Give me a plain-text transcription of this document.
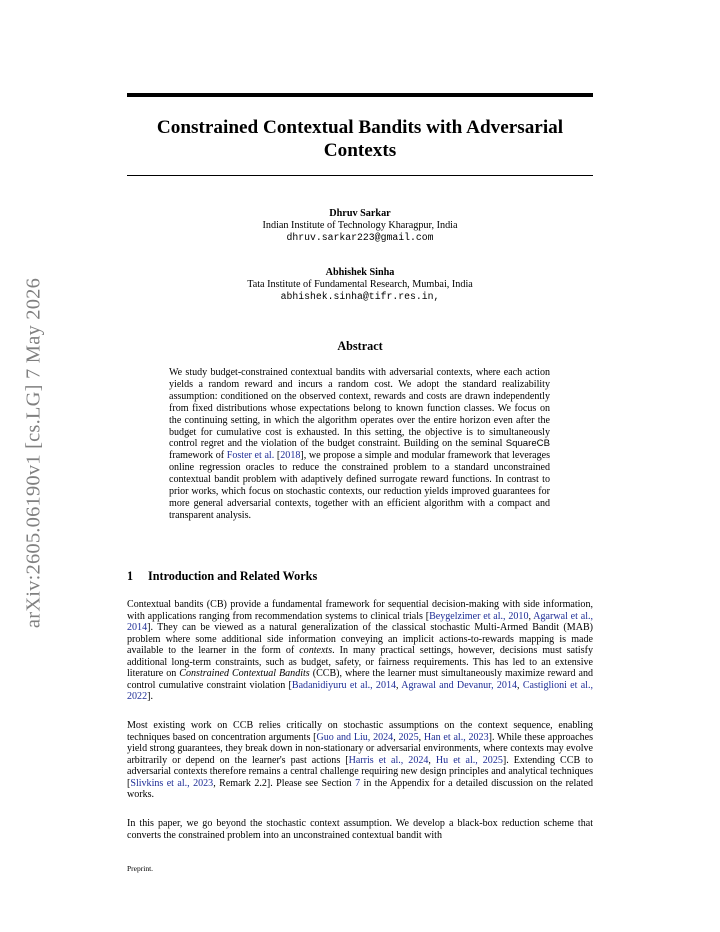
arXiv:2605.06190v1 [cs.LG] 7 May 2026
Constrained Contextual Bandits with Adversarial Contexts
Dhruv Sarkar
Indian Institute of Technology Kharagpur, India
dhruv.sarkar223@gmail.com
Abhishek Sinha
Tata Institute of Fundamental Research, Mumbai, India
abhishek.sinha@tifr.res.in,
Abstract
We study budget-constrained contextual bandits with adversarial contexts, where each action yields a random reward and incurs a random cost. We adopt the standard realizability assumption: conditioned on the observed context, rewards and costs are drawn independently from fixed distributions whose expectations belong to known function classes. We focus on the continuing setting, in which the algorithm operates over the entire horizon even after the budget for cumulative cost is exhausted. In this setting, the objective is to simultaneously control regret and the violation of the budget constraint. Building on the seminal SquareCB framework of Foster et al. [2018], we propose a simple and modular framework that leverages online regression oracles to reduce the constrained problem to a standard unconstrained contextual bandit problem with adaptively defined surrogate reward functions. In contrast to prior works, which focus on stochastic contexts, our reduction yields improved guarantees for more general adversarial contexts, together with an efficient algorithm with a compact and transparent analysis.
1 Introduction and Related Works

Contextual bandits (CB) provide a fundamental framework for sequential decision-making with side information, with applications ranging from recommendation systems to clinical trials [Beygelzimer et al., 2010, Agarwal et al., 2014]. They can be viewed as a natural generalization of the classical stochastic Multi-Armed Bandit (MAB) problem where some additional side information conveying an implicit actions-to-rewards mapping is made available to the learner in the form of contexts. In many practical settings, however, decisions must satisfy additional long-term constraints, such as budget, safety, or fairness requirements. This has led to an extensive literature on Constrained Contextual Bandits (CCB), where the learner must simultaneously maximize reward and control cumulative constraint violation [Badanidiyuru et al., 2014, Agrawal and Devanur, 2014, Castiglioni et al., 2022].

Most existing work on CCB relies critically on stochastic assumptions on the context sequence, enabling techniques based on concentration arguments [Guo and Liu, 2024, 2025, Han et al., 2023]. While these approaches yield strong guarantees, they break down in non-stationary or adversarial environments, where contexts may evolve arbitrarily or depend on the learner's past actions [Harris et al., 2024, Hu et al., 2025]. Extending CCB to adversarial contexts therefore remains a central challenge requiring new design principles and analytical techniques [Slivkins et al., 2023, Remark 2.2]. Please see Section 7 in the Appendix for a detailed discussion on the related works.

In this paper, we go beyond the stochastic context assumption. We develop a black-box reduction scheme that converts the constrained problem into an unconstrained contextual bandit with

Preprint.
